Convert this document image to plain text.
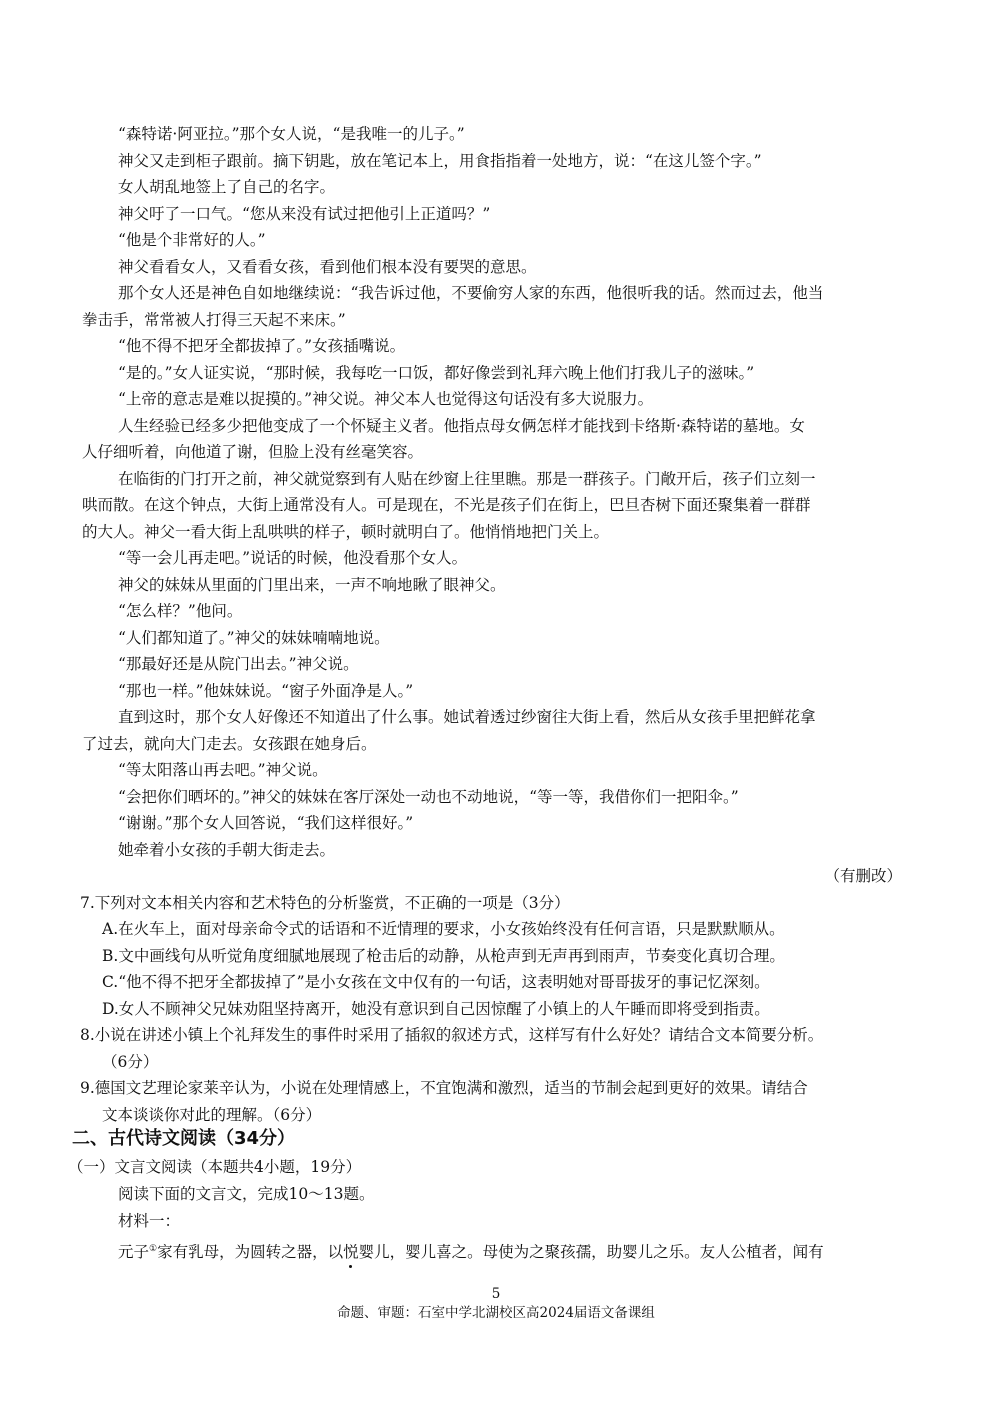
“森特诺·阿亚拉。”那个女人说，“是我唯一的儿子。”
神父又走到柜子跟前。摘下钥匙，放在笔记本上，用食指指着一处地方，说：“在这儿签个字。”
女人胡乱地签上了自己的名字。
神父吁了一口气。“您从来没有试过把他引上正道吗？”
“他是个非常好的人。”
神父看看女人，又看看女孩，看到他们根本没有要哭的意思。
那个女人还是神色自如地继续说：“我告诉过他，不要偷穷人家的东西，他很听我的话。然而过去，他当
拳击手，常常被人打得三天起不来床。”
“他不得不把牙全都拔掉了。”女孩插嘴说。
“是的。”女人证实说，“那时候，我每吃一口饭，都好像尝到礼拜六晚上他们打我儿子的滋味。”
“上帝的意志是难以捉摸的。”神父说。神父本人也觉得这句话没有多大说服力。
人生经验已经多少把他变成了一个怀疑主义者。他指点母女俩怎样才能找到卡络斯·森特诺的墓地。女
人仔细听着，向他道了谢，但脸上没有丝毫笑容。
在临街的门打开之前，神父就觉察到有人贴在纱窗上往里瞧。那是一群孩子。门敞开后，孩子们立刻一
哄而散。在这个钟点，大街上通常没有人。可是现在，不光是孩子们在街上，巴旦杏树下面还聚集着一群群
的大人。神父一看大街上乱哄哄的样子，顿时就明白了。他悄悄地把门关上。
“等一会儿再走吧。”说话的时候，他没看那个女人。
神父的妹妹从里面的门里出来，一声不响地瞅了眼神父。
“怎么样？”他问。
“人们都知道了。”神父的妹妹喃喃地说。
“那最好还是从院门出去。”神父说。
“那也一样。”他妹妹说。“窗子外面净是人。”
直到这时，那个女人好像还不知道出了什么事。她试着透过纱窗往大街上看，然后从女孩手里把鲜花拿
了过去，就向大门走去。女孩跟在她身后。
“等太阳落山再去吧。”神父说。
“会把你们晒坏的。”神父的妹妹在客厅深处一动也不动地说，“等一等，我借你们一把阳伞。”
“谢谢。”那个女人回答说，“我们这样很好。”
她牵着小女孩的手朝大街走去。
（有删改）
7.下列对文本相关内容和艺术特色的分析鉴赏，不正确的一项是（3分）
A.在火车上，面对母亲命令式的话语和不近情理的要求，小女孩始终没有任何言语，只是默默顺从。
B.文中画线句从听觉角度细腻地展现了枪击后的动静，从枪声到无声再到雨声，节奏变化真切合理。
C.“他不得不把牙全都拔掉了”是小女孩在文中仅有的一句话，这表明她对哥哥拔牙的事记忆深刻。
D.女人不顾神父兄妹劝阻坚持离开，她没有意识到自己因惊醒了小镇上的人午睡而即将受到指责。
8.小说在讲述小镇上个礼拜发生的事件时采用了插叙的叙述方式，这样写有什么好处？请结合文本简要分析。
（6分）
9.德国文艺理论家莱辛认为，小说在处理情感上，不宜饱满和激烈，适当的节制会起到更好的效果。请结合
文本谈谈你对此的理解。（6分）
二、古代诗文阅读（34分）
（一）文言文阅读（本题共4小题，19分）
阅读下面的文言文，完成10～13题。
材料一：
元子①家有乳母，为圆转之器，以悦
婴儿，婴儿喜之。母使为之聚孩孺，助婴儿之乐。友人公植者，闻有
5
命题、审题：石室中学北湖校区高2024届语文备课组
